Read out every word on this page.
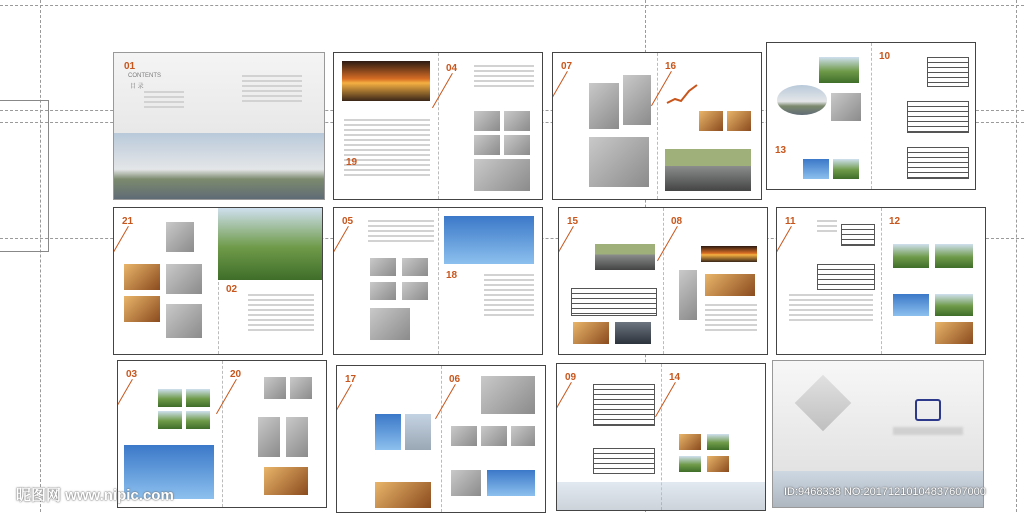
01
CONTENTS
目 录
19
04	07	16
13
10
21
02
05
18
15	08	11	12
03	20	17	06	09	14
昵图网 www.nipic.com	ID:9468338 NO:20171210104837607000
